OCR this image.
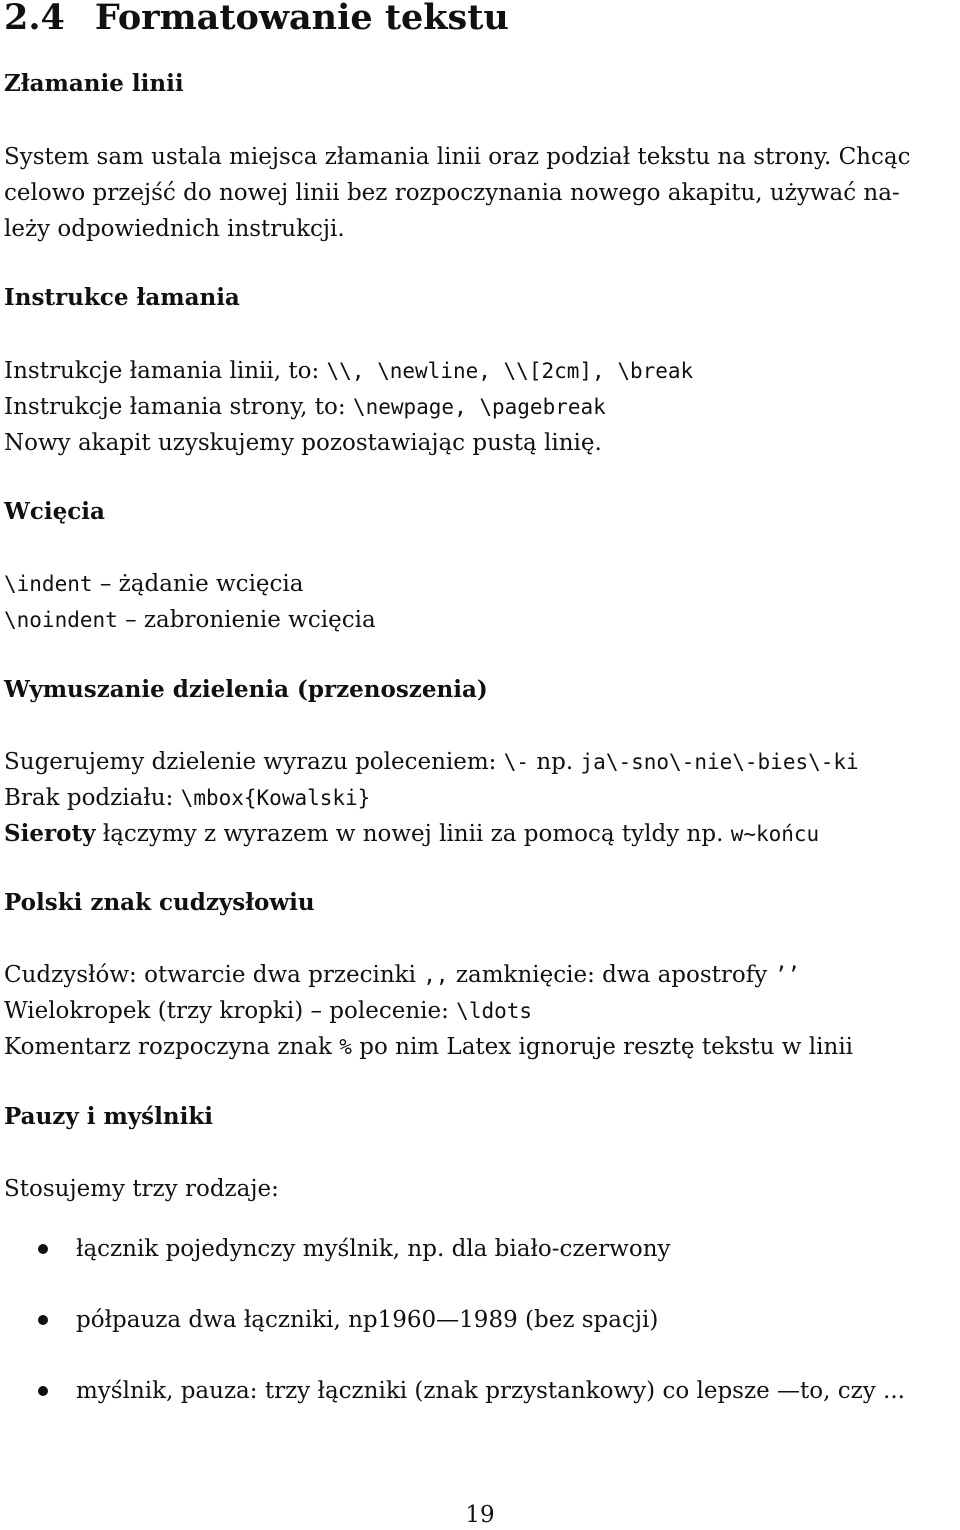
2.4 Formatowanie tekstu
Złamanie linii

System sam ustala miejsca złamania linii oraz podział tekstu na strony. Chcąc

celowo przejść do nowej linii bez rozpoczynania nowego akapitu, używać na-

leży odpowiednich instrukcji.

Instrukce łamania

Instrukcje łamania linii, to: \\, \newline, \\[2cm], \break

Instrukcje łamania strony, to: \newpage, \pagebreak

Nowy akapit uzyskujemy pozostawiając pustą linię.

Wcięcia

\indent – żądanie wcięcia

\noindent – zabronienie wcięcia

Wymuszanie dzielenia (przenoszenia)

Sugerujemy dzielenie wyrazu poleceniem: \- np. ja\-sno\-nie\-bies\-ki

Brak podziału: \mbox{Kowalski}

Sieroty łączymy z wyrazem w nowej linii za pomocą tyldy np. w~końcu

Polski znak cudzysłowiu

Cudzysłów: otwarcie dwa przecinki ,, zamknięcie: dwa apostrofy ’’

Wielokropek (trzy kropki) – polecenie: \ldots

Komentarz rozpoczyna znak % po nim Latex ignoruje resztę tekstu w linii

Pauzy i myślniki

Stosujemy trzy rodzaje:

łącznik pojedynczy myślnik, np. dla biało-czerwony

półpauza dwa łączniki, np1960—1989 (bez spacji)

myślnik, pauza: trzy łączniki (znak przystankowy) co lepsze —to, czy ...

19
